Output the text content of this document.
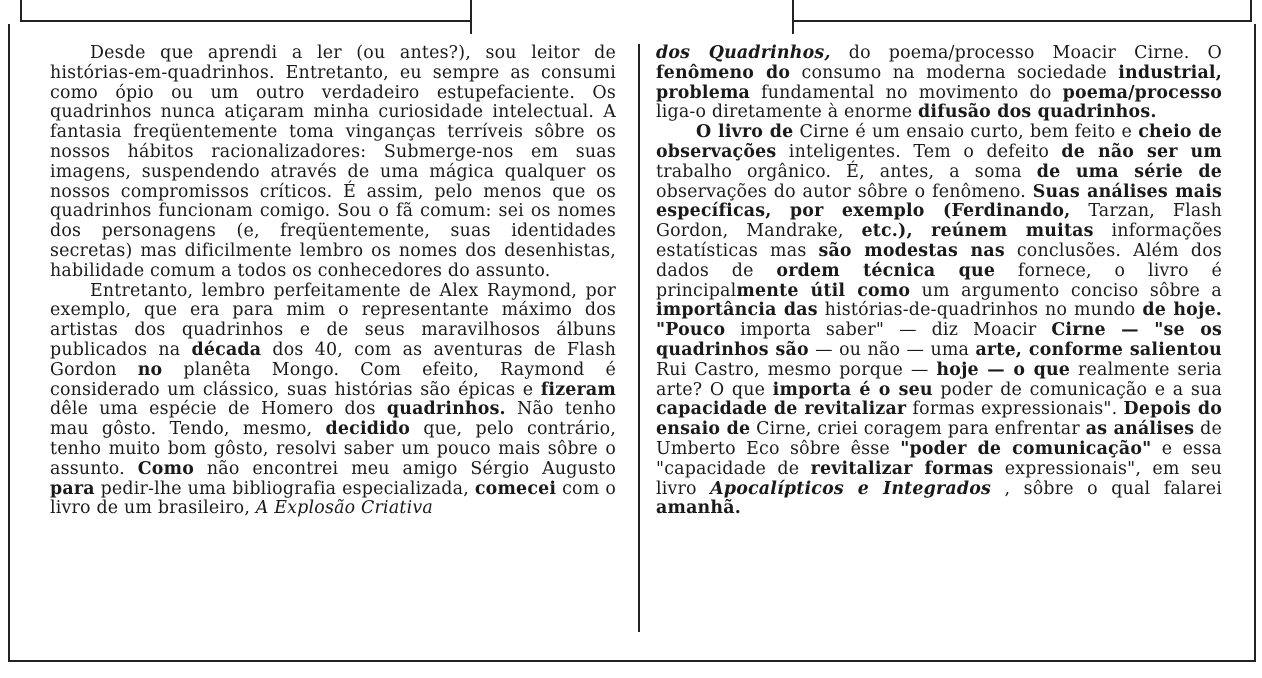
Desde que aprendi a ler (ou antes?), sou leitor de histórias-em-quadrinhos. Entretanto, eu sempre as consumi como ópio ou um outro verdadeiro estupefaciente. Os quadrinhos nunca atiçaram minha curiosidade intelectual. A fantasia freqüentemente toma vinganças terríveis sôbre os nossos hábitos racionalizadores: Submerge-nos em suas imagens, suspendendo através de uma mágica qualquer os nossos compromissos críticos. É assim, pelo menos que os quadrinhos funcionam comigo. Sou o fã comum: sei os nomes dos personagens (e, freqüentemente, suas identidades secretas) mas dificilmente lembro os nomes dos desenhistas, habilidade comum a todos os conhecedores do assunto.

Entretanto, lembro perfeitamente de Alex Raymond, por exemplo, que era para mim o representante máximo dos artistas dos quadrinhos e de seus maravilhosos álbuns publicados na década dos 40, com as aventuras de Flash Gordon no planêta Mongo. Com efeito, Raymond é considerado um clássico, suas histórias são épicas e fizeram dêle uma espécie de Homero dos quadrinhos. Não tenho mau gôsto. Tendo, mesmo, decidido que, pelo contrário, tenho muito bom gôsto, resolvi saber um pouco mais sôbre o assunto. Como não encontrei meu amigo Sérgio Augusto para pedir-lhe uma bibliografia especializada, comecei com o livro de um brasileiro, A Explosão Criativa

dos Quadrinhos, do poema/processo Moacir Cirne. O fenômeno do consumo na moderna sociedade industrial, problema fundamental no movimento do poema/processo liga-o diretamente à enorme difusão dos quadrinhos.

O livro de Cirne é um ensaio curto, bem feito e cheio de observações inteligentes. Tem o defeito de não ser um trabalho orgânico. É, antes, a soma de uma série de observações do autor sôbre o fenômeno. Suas análises mais específicas, por exemplo (Ferdinando, Tarzan, Flash Gordon, Mandrake, etc.), reúnem muitas informações estatísticas mas são modestas nas conclusões. Além dos dados de ordem técnica que fornece, o livro é principalmente útil como um argumento conciso sôbre a importância das histórias-de-quadrinhos no mundo de hoje. "Pouco importa saber" — diz Moacir Cirne — "se os quadrinhos são — ou não — uma arte, conforme salientou Rui Castro, mesmo porque — hoje — o que realmente seria arte? O que importa é o seu poder de comunicação e a sua capacidade de revitalizar formas expressionais". Depois do ensaio de Cirne, criei coragem para enfrentar as análises de Umberto Eco sôbre êsse "poder de comunicação" e essa "capacidade de revitalizar formas expressionais", em seu livro Apocalípticos e Integrados , sôbre o qual falarei amanhã.
